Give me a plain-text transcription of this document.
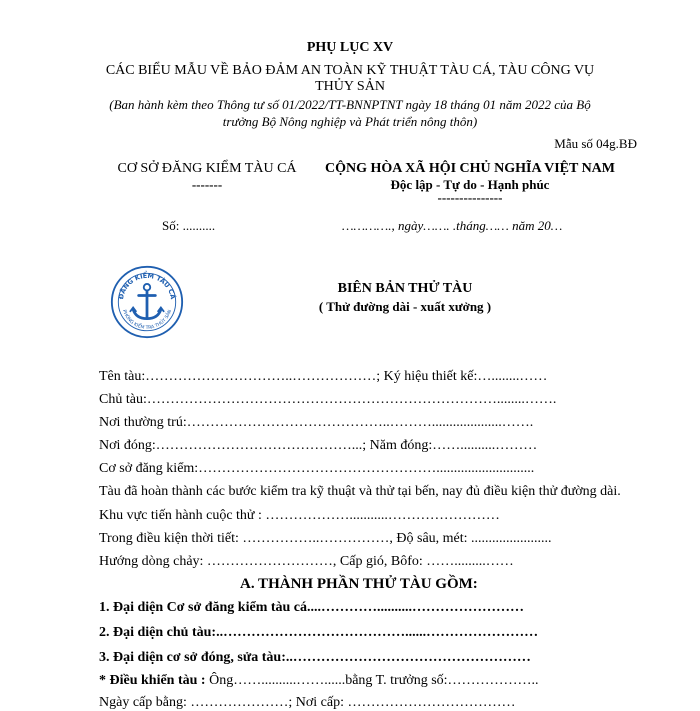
PHỤ LỤC XV
CÁC BIỂU MẪU VỀ BẢO ĐẢM AN TOÀN KỸ THUẬT TÀU CÁ, TÀU CÔNG VỤ
THỦY SẢN
(Ban hành kèm theo Thông tư số 01/2022/TT-BNNPTNT ngày 18 tháng 01 năm 2022 của Bộ
trưởng Bộ Nông nghiệp và Phát triển nông thôn)
Mẫu số 04g.BĐ
CƠ SỞ ĐĂNG KIỂM TÀU CÁ
-------
CỘNG HÒA XÃ HỘI CHỦ NGHĨA VIỆT NAM
Độc lập - Tự do - Hạnh phúc
---------------
Số: ..........	…………., ngày……. .tháng…… năm 20…
ĐĂNG KIỂM TÀU CÁ
PHÒNG KIỂM TRA THỦY SẢN
BIÊN BẢN THỬ TÀU
( Thử đường dài - xuất xưởng )
Tên tàu:…………………………..………………; Ký hiệu thiết kế:…........……
Chủ tàu:…………………………………………………………………........…….
Nơi thường trú:……………………………………..………....................…….
Nơi đóng:……………………………………...; Năm đóng:……..........………
Cơ sở đăng kiểm:……………………………………………............................
Tàu đã hoàn thành các bước kiểm tra kỹ thuật và thử tại bến, nay đủ điều kiện thử đường dài.
Khu vực tiến hành cuộc thử : ………………...........……………………
Trong điều kiện thời tiết: ……………..……………, Độ sâu, mét: .......................
Hướng dòng chảy: ………………………, Cấp gió, Bôfo: …….........……
A. THÀNH PHẦN THỬ TÀU GỒM:
1. Đại diện Cơ sở đăng kiểm tàu cá....…………..........……………………
2. Đại diện chủ tàu:..…………………………………......……………………
3. Đại diện cơ sở đóng, sửa tàu:..……………………………………………
* Điều khiển tàu : Ông……..........……......bằng T. trưởng số:………………..
Ngày cấp bằng: …………………; Nơi cấp: ………………………………
